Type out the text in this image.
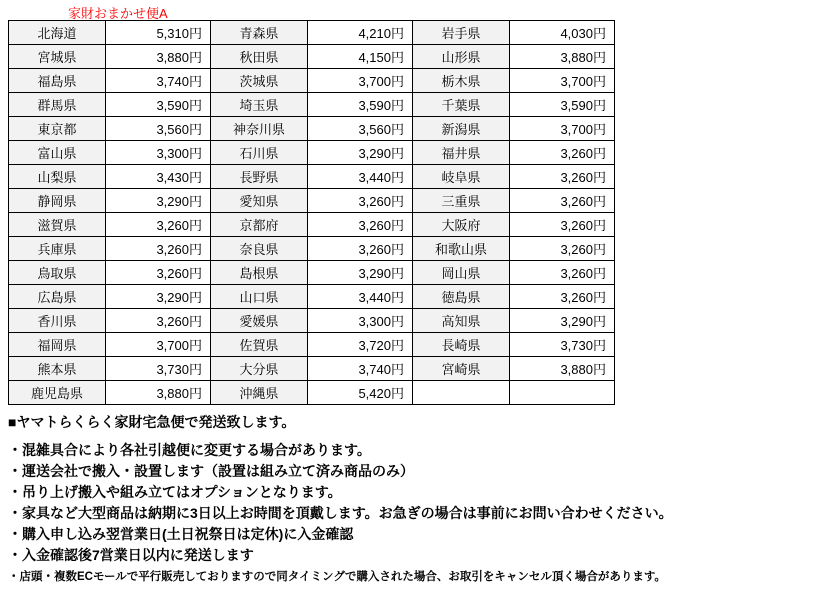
家財おまかせ便A
北海道	5,310円	青森県	4,210円	岩手県	4,030円
宮城県	3,880円	秋田県	4,150円	山形県	3,880円
福島県	3,740円	茨城県	3,700円	栃木県	3,700円
群馬県	3,590円	埼玉県	3,590円	千葉県	3,590円
東京都	3,560円	神奈川県	3,560円	新潟県	3,700円
富山県	3,300円	石川県	3,290円	福井県	3,260円
山梨県	3,430円	長野県	3,440円	岐阜県	3,260円
静岡県	3,290円	愛知県	3,260円	三重県	3,260円
滋賀県	3,260円	京都府	3,260円	大阪府	3,260円
兵庫県	3,260円	奈良県	3,260円	和歌山県	3,260円
鳥取県	3,260円	島根県	3,290円	岡山県	3,260円
広島県	3,290円	山口県	3,440円	徳島県	3,260円
香川県	3,260円	愛媛県	3,300円	高知県	3,290円
福岡県	3,700円	佐賀県	3,720円	長崎県	3,730円
熊本県	3,730円	大分県	3,740円	宮崎県	3,880円
鹿児島県	3,880円	沖縄県	5,420円		

■ヤマトらくらく家財宅急便で発送致します。

・混雑具合により各社引越便に変更する場合があります。

・運送会社で搬入・設置します（設置は組み立て済み商品のみ）

・吊り上げ搬入や組み立てはオプションとなります。

・家具など大型商品は納期に3日以上お時間を頂戴します。お急ぎの場合は事前にお問い合わせください。

・購入申し込み翌営業日(土日祝祭日は定休)に入金確認

・入金確認後7営業日以内に発送します

・店頭・複数ECモールで平行販売しておりますので同タイミングで購入された場合、お取引をキャンセル頂く場合があります。
